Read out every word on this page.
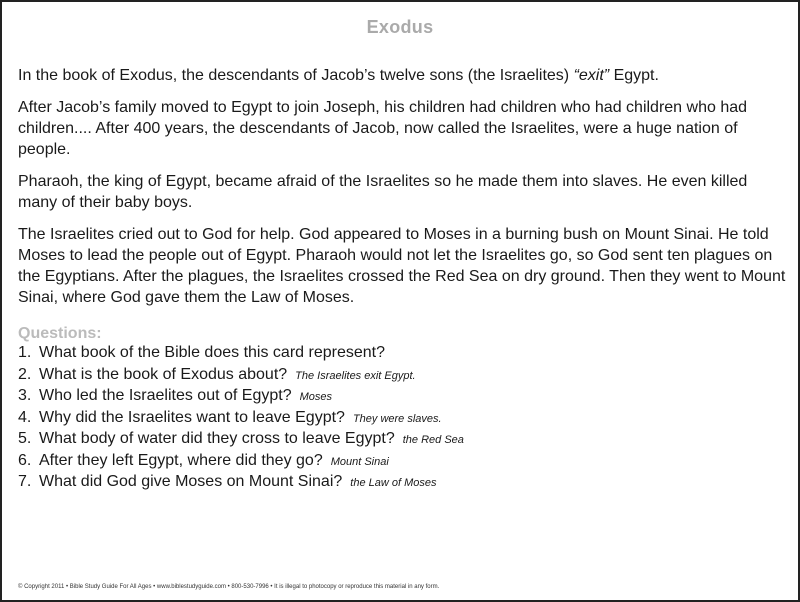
Exodus

In the book of Exodus, the descendants of Jacob’s twelve sons (the Israelites) “exit” Egypt.

After Jacob’s family moved to Egypt to join Joseph, his children had children who had children who had children.... After 400 years, the descendants of Jacob, now called the Israelites, were a huge nation of people.

Pharaoh, the king of Egypt, became afraid of the Israelites so he made them into slaves. He even killed many of their baby boys.

The Israelites cried out to God for help. God appeared to Moses in a burning bush on Mount Sinai. He told Moses to lead the people out of Egypt. Pharaoh would not let the Israelites go, so God sent ten plagues on the Egyptians. After the plagues, the Israelites crossed the Red Sea on dry ground. Then they went to Mount Sinai, where God gave them the Law of Moses.

Questions:
1. What book of the Bible does this card represent?
2. What is the book of Exodus about? The Israelites exit Egypt.
3. Who led the Israelites out of Egypt? Moses
4. Why did the Israelites want to leave Egypt? They were slaves.
5. What body of water did they cross to leave Egypt? the Red Sea
6. After they left Egypt, where did they go? Mount Sinai
7. What did God give Moses on Mount Sinai? the Law of Moses
© Copyright 2011 • Bible Study Guide For All Ages • www.biblestudyguide.com • 800-530-7996 • It is illegal to photocopy or reproduce this material in any form.
